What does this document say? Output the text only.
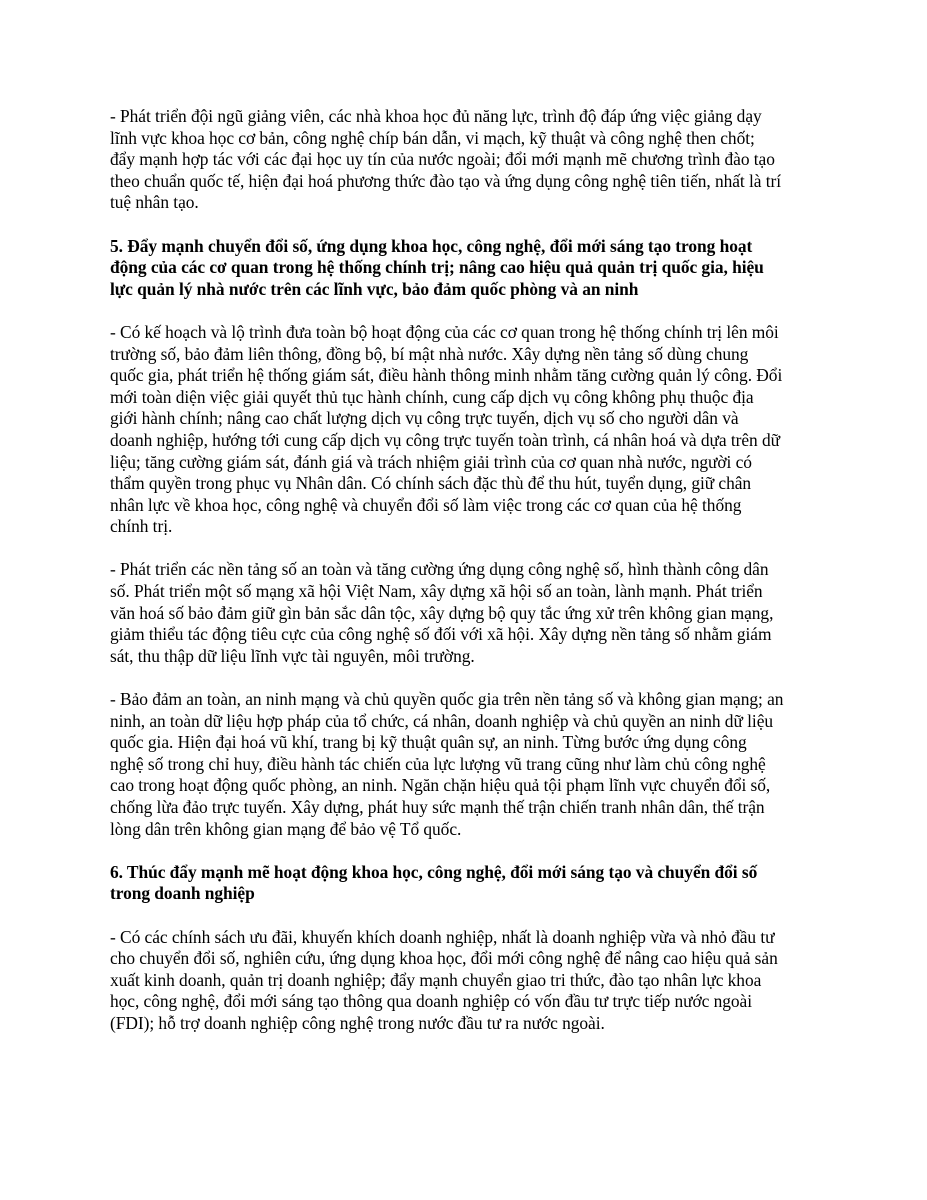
- Phát triển đội ngũ giảng viên, các nhà khoa học đủ năng lực, trình độ đáp ứng việc giảng dạy
lĩnh vực khoa học cơ bản, công nghệ chíp bán dẫn, vi mạch, kỹ thuật và công nghệ then chốt;
đẩy mạnh hợp tác với các đại học uy tín của nước ngoài; đổi mới mạnh mẽ chương trình đào tạo
theo chuẩn quốc tế, hiện đại hoá phương thức đào tạo và ứng dụng công nghệ tiên tiến, nhất là trí
tuệ nhân tạo.
5. Đẩy mạnh chuyển đổi số, ứng dụng khoa học, công nghệ, đổi mới sáng tạo trong hoạt
động của các cơ quan trong hệ thống chính trị; nâng cao hiệu quả quản trị quốc gia, hiệu
lực quản lý nhà nước trên các lĩnh vực, bảo đảm quốc phòng và an ninh
- Có kế hoạch và lộ trình đưa toàn bộ hoạt động của các cơ quan trong hệ thống chính trị lên môi
trường số, bảo đảm liên thông, đồng bộ, bí mật nhà nước. Xây dựng nền tảng số dùng chung
quốc gia, phát triển hệ thống giám sát, điều hành thông minh nhằm tăng cường quản lý công. Đổi
mới toàn diện việc giải quyết thủ tục hành chính, cung cấp dịch vụ công không phụ thuộc địa
giới hành chính; nâng cao chất lượng dịch vụ công trực tuyến, dịch vụ số cho người dân và
doanh nghiệp, hướng tới cung cấp dịch vụ công trực tuyến toàn trình, cá nhân hoá và dựa trên dữ
liệu; tăng cường giám sát, đánh giá và trách nhiệm giải trình của cơ quan nhà nước, người có
thẩm quyền trong phục vụ Nhân dân. Có chính sách đặc thù để thu hút, tuyển dụng, giữ chân
nhân lực về khoa học, công nghệ và chuyển đổi số làm việc trong các cơ quan của hệ thống
chính trị.
- Phát triển các nền tảng số an toàn và tăng cường ứng dụng công nghệ số, hình thành công dân
số. Phát triển một số mạng xã hội Việt Nam, xây dựng xã hội số an toàn, lành mạnh. Phát triển
văn hoá số bảo đảm giữ gìn bản sắc dân tộc, xây dựng bộ quy tắc ứng xử trên không gian mạng,
giảm thiểu tác động tiêu cực của công nghệ số đối với xã hội. Xây dựng nền tảng số nhằm giám
sát, thu thập dữ liệu lĩnh vực tài nguyên, môi trường.
- Bảo đảm an toàn, an ninh mạng và chủ quyền quốc gia trên nền tảng số và không gian mạng; an
ninh, an toàn dữ liệu hợp pháp của tổ chức, cá nhân, doanh nghiệp và chủ quyền an ninh dữ liệu
quốc gia. Hiện đại hoá vũ khí, trang bị kỹ thuật quân sự, an ninh. Từng bước ứng dụng công
nghệ số trong chỉ huy, điều hành tác chiến của lực lượng vũ trang cũng như làm chủ công nghệ
cao trong hoạt động quốc phòng, an ninh. Ngăn chặn hiệu quả tội phạm lĩnh vực chuyển đổi số,
chống lừa đảo trực tuyến. Xây dựng, phát huy sức mạnh thế trận chiến tranh nhân dân, thế trận
lòng dân trên không gian mạng để bảo vệ Tổ quốc.
6. Thúc đẩy mạnh mẽ hoạt động khoa học, công nghệ, đổi mới sáng tạo và chuyển đổi số
trong doanh nghiệp
- Có các chính sách ưu đãi, khuyến khích doanh nghiệp, nhất là doanh nghiệp vừa và nhỏ đầu tư
cho chuyển đổi số, nghiên cứu, ứng dụng khoa học, đổi mới công nghệ để nâng cao hiệu quả sản
xuất kinh doanh, quản trị doanh nghiệp; đẩy mạnh chuyển giao tri thức, đào tạo nhân lực khoa
học, công nghệ, đổi mới sáng tạo thông qua doanh nghiệp có vốn đầu tư trực tiếp nước ngoài
(FDI); hỗ trợ doanh nghiệp công nghệ trong nước đầu tư ra nước ngoài.
